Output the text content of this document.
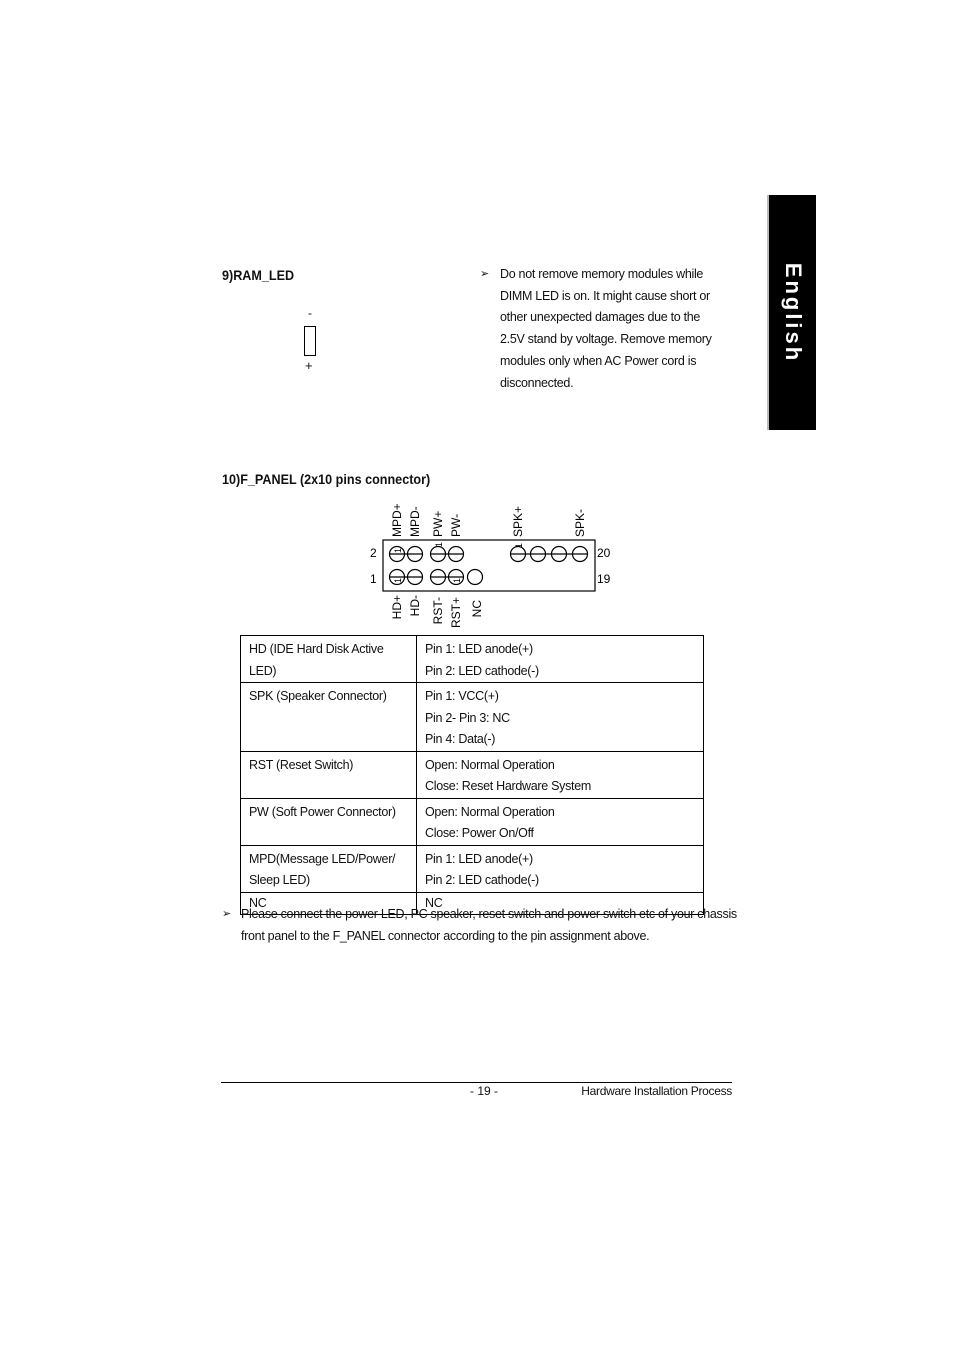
English
9)RAM_LED
-
+
➢ Do not remove memory modules while
DIMM LED is on. It might cause short or
other unexpected damages due to the
2.5V stand by voltage. Remove memory
modules only when AC Power cord is
disconnected.
10)F_PANEL (2x10 pins connector)
2
1
20
19
1
1	1
1	1
MPD+ MPD- PW+ PW-	SPK+	SPK-
HD+ HD- RST- RST+ NC
HD (IDE Hard Disk Active LED)	Pin 1: LED anode(+)
Pin 2: LED cathode(-)

SPK (Speaker Connector)	Pin 1: VCC(+)
Pin 2- Pin 3: NC
Pin 4: Data(-)

RST (Reset Switch)	Open: Normal Operation
Close: Reset Hardware System

PW (Soft Power Connector)	Open: Normal Operation
Close: Power On/Off

MPD(Message LED/Power/
Sleep LED)	Pin 1: LED anode(+)
Pin 2: LED cathode(-)

NC	NC
➢ Please connect the power LED, PC speaker, reset switch and power switch etc of your chassis
front panel to the F_PANEL connector according to the pin assignment above.
- 19 -	Hardware Installation Process
